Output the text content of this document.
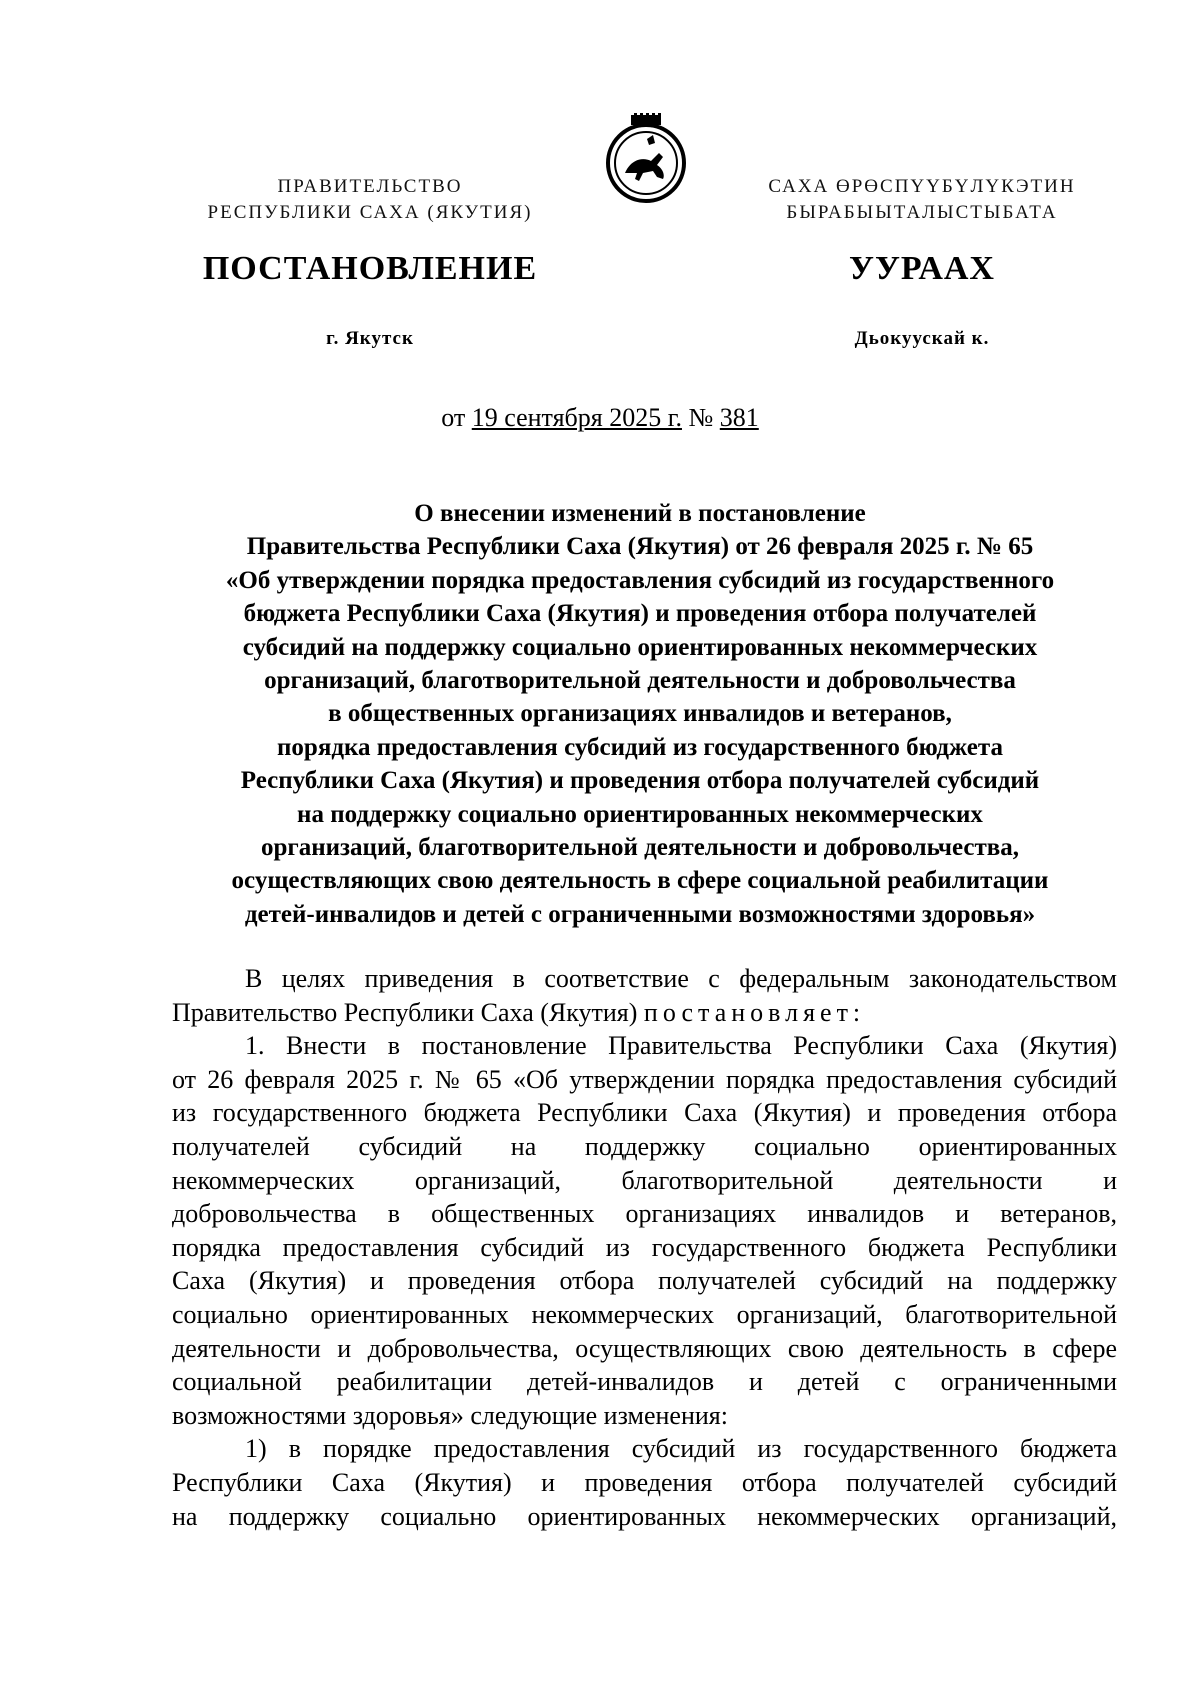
ПРАВИТЕЛЬСТВО
РЕСПУБЛИКИ САХА (ЯКУТИЯ)
САХА ӨРӨСПҮҮБҮЛҮКЭТИН
БЫРАБЫЫТАЛЫСТЫБАТА
ПОСТАНОВЛЕНИЕ	УУРААХ
г. Якутск	Дьокуускай к.
от 19 сентября 2025 г. № 381
О внесении изменений в постановление
Правительства Республики Саха (Якутия) от 26 февраля 2025 г. № 65
«Об утверждении порядка предоставления субсидий из государственного
бюджета Республики Саха (Якутия) и проведения отбора получателей
субсидий на поддержку социально ориентированных некоммерческих
организаций, благотворительной деятельности и добровольчества
в общественных организациях инвалидов и ветеранов,
порядка предоставления субсидий из государственного бюджета
Республики Саха (Якутия) и проведения отбора получателей субсидий
на поддержку социально ориентированных некоммерческих
организаций, благотворительной деятельности и добровольчества,
осуществляющих свою деятельность в сфере социальной реабилитации
детей-инвалидов и детей с ограниченными возможностями здоровья»
В целях приведения в соответствие с федеральным законодательством
Правительство Республики Саха (Якутия) постановляет:
1. Внести в постановление Правительства Республики Саха (Якутия)
от 26 февраля 2025 г. № 65 «Об утверждении порядка предоставления субсидий
из государственного бюджета Республики Саха (Якутия) и проведения отбора
получателей субсидий на поддержку социально ориентированных
некоммерческих организаций, благотворительной деятельности и
добровольчества в общественных организациях инвалидов и ветеранов,
порядка предоставления субсидий из государственного бюджета Республики
Саха (Якутия) и проведения отбора получателей субсидий на поддержку
социально ориентированных некоммерческих организаций, благотворительной
деятельности и добровольчества, осуществляющих свою деятельность в сфере
социальной реабилитации детей-инвалидов и детей с ограниченными
возможностями здоровья» следующие изменения:
1) в порядке предоставления субсидий из государственного бюджета
Республики Саха (Якутия) и проведения отбора получателей субсидий
на поддержку социально ориентированных некоммерческих организаций,
